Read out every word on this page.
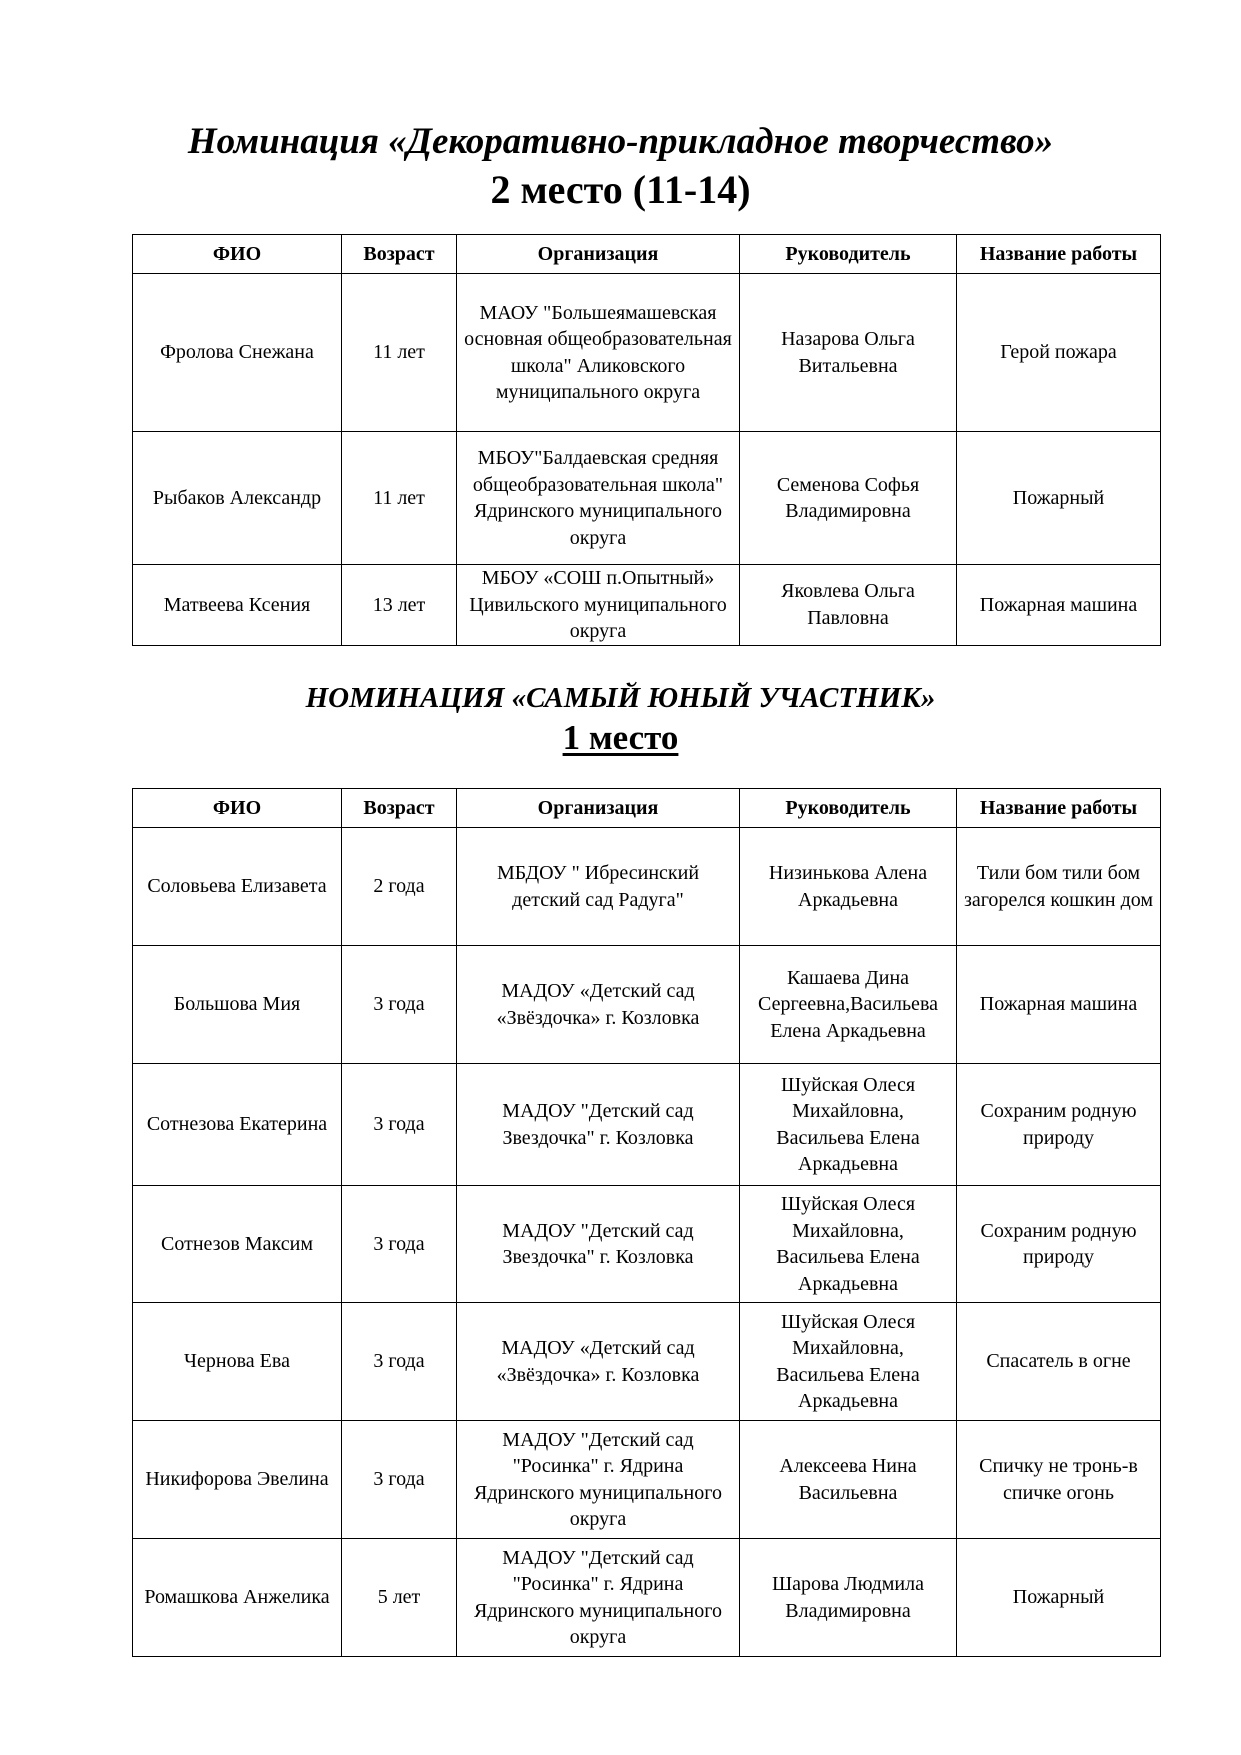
Номинация «Декоративно-прикладное творчество»
2 место (11-14)
ФИО	Возраст	Организация	Руководитель	Название работы
Фролова Снежана	11 лет	МАОУ "Большеямашевская основная общеобразовательная школа" Аликовского муниципального округа	Назарова Ольга Витальевна	Герой пожара
Рыбаков Александр	11 лет	МБОУ"Балдаевская средняя общеобразовательная школа" Ядринского муниципального округа	Семенова Софья Владимировна	Пожарный
Матвеева Ксения	13 лет	МБОУ «СОШ п.Опытный» Цивильского муниципального округа	Яковлева Ольга Павловна	Пожарная машина
НОМИНАЦИЯ «САМЫЙ ЮНЫЙ УЧАСТНИК»
1 место
ФИО	Возраст	Организация	Руководитель	Название работы
Соловьева Елизавета	2 года	МБДОУ " Ибресинский детский сад Радуга"	Низинькова Алена Аркадьевна	Тили бом тили бом загорелся кошкин дом
Большова Мия	3 года	МАДОУ «Детский сад «Звёздочка» г. Козловка	Кашаева Дина Сергеевна,Васильева Елена Аркадьевна	Пожарная машина
Сотнезова Екатерина	3 года	МАДОУ "Детский сад Звездочка" г. Козловка	Шуйская Олеся Михайловна, Васильева Елена Аркадьевна	Сохраним родную природу
Сотнезов Максим	3 года	МАДОУ "Детский сад Звездочка" г. Козловка	Шуйская Олеся Михайловна, Васильева Елена Аркадьевна	Сохраним родную природу
Чернова Ева	3 года	МАДОУ «Детский сад «Звёздочка» г. Козловка	Шуйская Олеся Михайловна, Васильева Елена Аркадьевна	Спасатель в огне
Никифорова Эвелина	3 года	МАДОУ "Детский сад "Росинка" г. Ядрина Ядринского муниципального округа	Алексеева Нина Васильевна	Спичку не тронь-в спичке огонь
Ромашкова Анжелика	5 лет	МАДОУ "Детский сад "Росинка" г. Ядрина Ядринского муниципального округа	Шарова Людмила Владимировна	Пожарный
